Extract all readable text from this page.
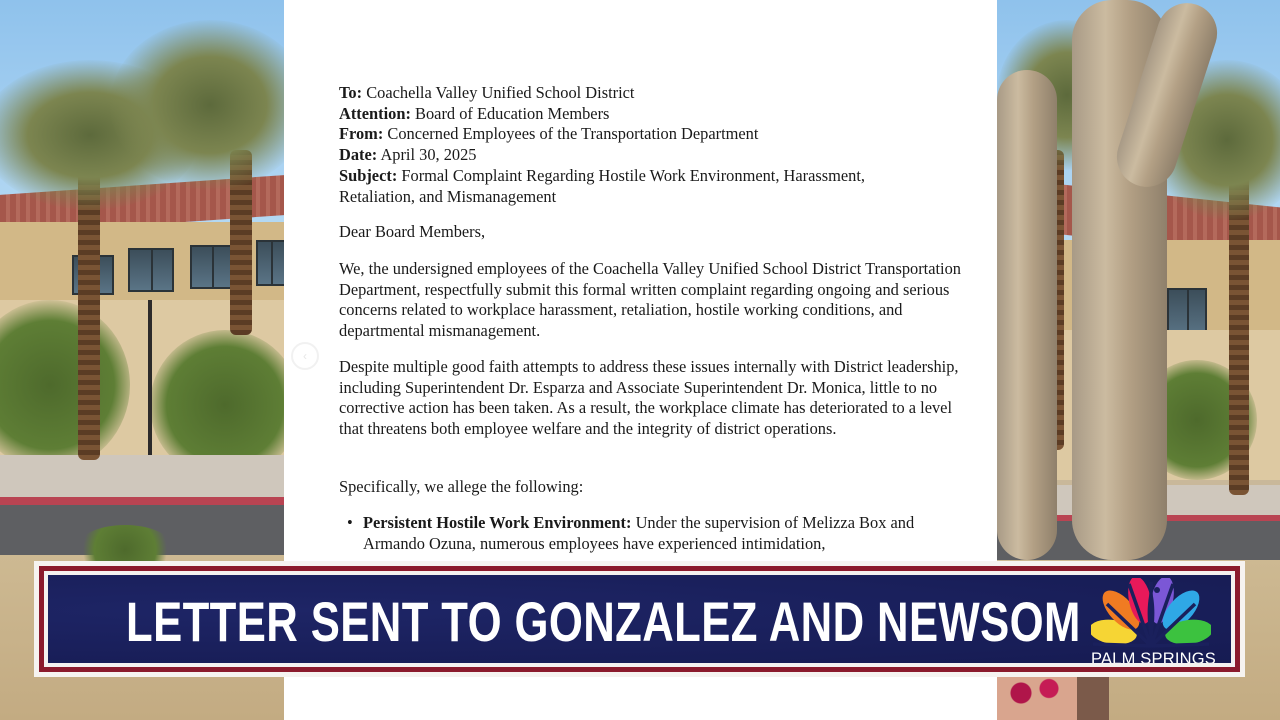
‹
To: Coachella Valley Unified School District
Attention: Board of Education Members
From: Concerned Employees of the Transportation Department
Date: April 30, 2025
Subject: Formal Complaint Regarding Hostile Work Environment, Harassment,
Retaliation, and Mismanagement
Dear Board Members,
We, the undersigned employees of the Coachella Valley Unified School District Transportation Department, respectfully submit this formal written complaint regarding ongoing and serious concerns related to workplace harassment, retaliation, hostile working conditions, and departmental mismanagement.
Despite multiple good faith attempts to address these issues internally with District leadership, including Superintendent Dr. Esparza and Associate Superintendent Dr. Monica, little to no corrective action has been taken. As a result, the workplace climate has deteriorated to a level that threatens both employee welfare and the integrity of district operations.
Specifically, we allege the following:
• Persistent Hostile Work Environment: Under the supervision of Melizza Box and Armando Ozuna, numerous employees have experienced intimidation,
LETTER SENT TO GONZALEZ AND NEWSOM
PALM SPRINGS
